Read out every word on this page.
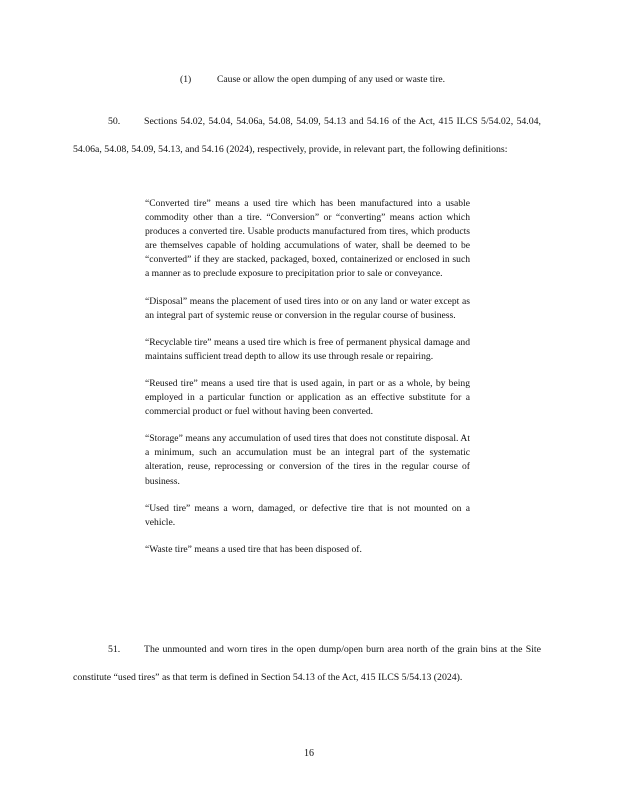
(1)	Cause or allow the open dumping of any used or waste tire.
50. Sections 54.02, 54.04, 54.06a, 54.08, 54.09, 54.13 and 54.16 of the Act, 415 ILCS 5/54.02, 54.04, 54.06a, 54.08, 54.09, 54.13, and 54.16 (2024), respectively, provide, in relevant part, the following definitions:

“Converted tire” means a used tire which has been manufactured into a usable commodity other than a tire. “Conversion” or “converting” means action which produces a converted tire. Usable products manufactured from tires, which products are themselves capable of holding accumulations of water, shall be deemed to be “converted” if they are stacked, packaged, boxed, containerized or enclosed in such a manner as to preclude exposure to precipitation prior to sale or conveyance.

“Disposal” means the placement of used tires into or on any land or water except as an integral part of systemic reuse or conversion in the regular course of business.

“Recyclable tire” means a used tire which is free of permanent physical damage and maintains sufficient tread depth to allow its use through resale or repairing.

“Reused tire” means a used tire that is used again, in part or as a whole, by being employed in a particular function or application as an effective substitute for a commercial product or fuel without having been converted.

“Storage” means any accumulation of used tires that does not constitute disposal. At a minimum, such an accumulation must be an integral part of the systematic alteration, reuse, reprocessing or conversion of the tires in the regular course of business.

“Used tire” means a worn, damaged, or defective tire that is not mounted on a vehicle.

“Waste tire” means a used tire that has been disposed of.

51. The unmounted and worn tires in the open dump/open burn area north of the grain bins at the Site constitute “used tires” as that term is defined in Section 54.13 of the Act, 415 ILCS 5/54.13 (2024).
16
